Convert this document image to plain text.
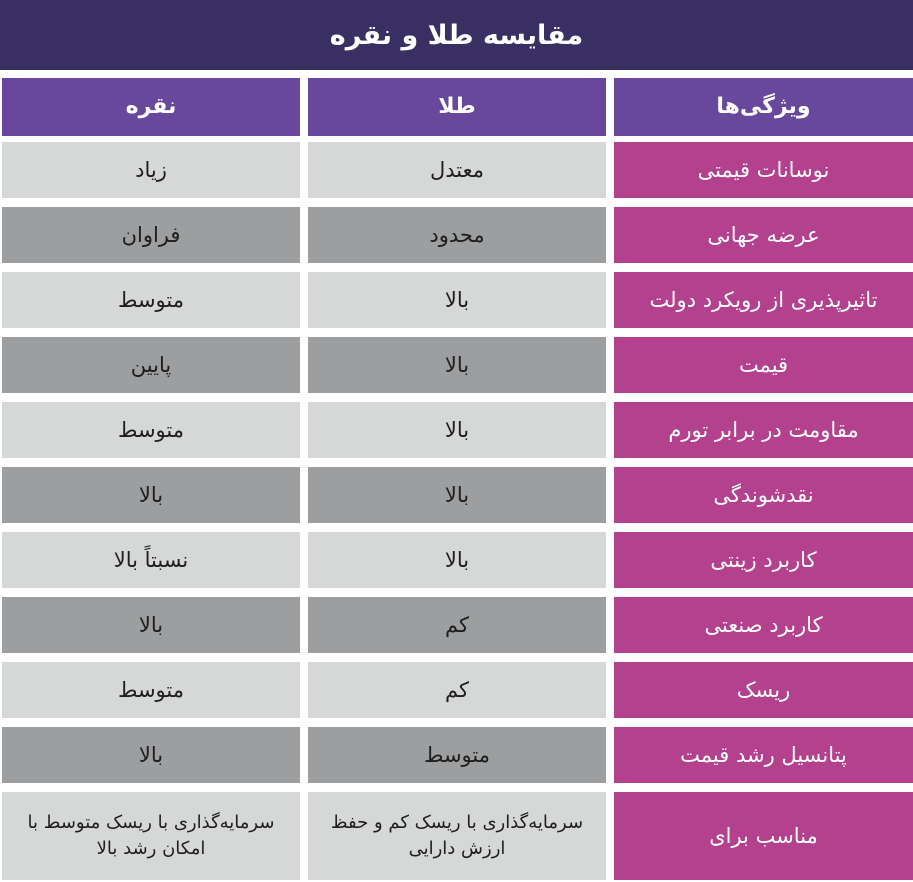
مقایسه طلا و نقره
ویژگی‌ها
طلا
نقره
نوسانات قیمتی
معتدل
زیاد
عرضه جهانی
محدود
فراوان
تاثیرپذیری از رویکرد دولت
بالا
متوسط
قیمت
بالا
پایین
مقاومت در برابر تورم
بالا
متوسط
نقدشوندگی
بالا
بالا
کاربرد زینتی
بالا
نسبتاً بالا
کاربرد صنعتی
کم
بالا
ریسک
کم
متوسط
پتانسیل رشد قیمت
متوسط
بالا
مناسب برای
سرمایه‌گذاری با ریسک کم و حفظ ارزش دارایی
سرمایه‌گذاری با ریسک متوسط با امکان رشد بالا
